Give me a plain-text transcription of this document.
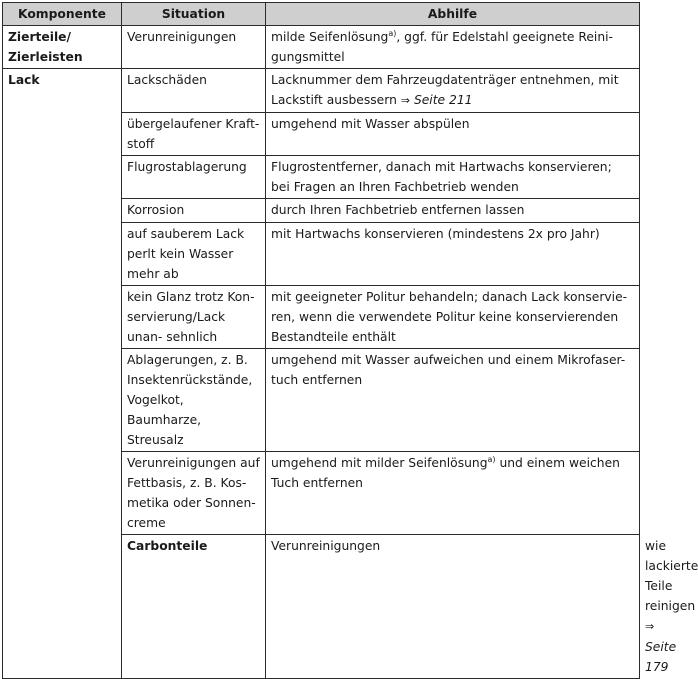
Komponente	Situation	Abhilfe	
Zierteile/ Zierleisten	Verunreinigungen	milde Seifenlösung$^{a)}$, ggf. für Edelstahl geeignete Reini- gungsmittel	
Lack	Lackschäden	Lacknummer dem Fahrzeugdatenträger entnehmen, mit Lackstift ausbessern ⇒ Seite 211	
	übergelaufener Kraft- stoff	umgehend mit Wasser abspülen	
	Flugrostablagerung	Flugrostentferner, danach mit Hartwachs konservieren; bei Fragen an Ihren Fachbetrieb wenden	
	Korrosion	durch Ihren Fachbetrieb entfernen lassen	
	auf sauberem Lack perlt kein Wasser mehr ab	mit Hartwachs konservieren (mindestens 2x pro Jahr)	
	kein Glanz trotz Kon- servierung/Lack unan- sehnlich	mit geeigneter Politur behandeln; danach Lack konservie- ren, wenn die verwendete Politur keine konservierenden Bestandteile enthält	
	Ablagerungen, z. B. Insektenrückstände, Vogelkot, Baumharze, Streusalz	umgehend mit Wasser aufweichen und einem Mikrofaser- tuch entfernen	
	Verunreinigungen auf Fettbasis, z. B. Kos- metika oder Sonnen- creme	umgehend mit milder Seifenlösung$^{a)}$ und einem weichen Tuch entfernen	
	Carbonteile	Verunreinigungen	wie lackierte Teile reinigen ⇒ Seite 179
